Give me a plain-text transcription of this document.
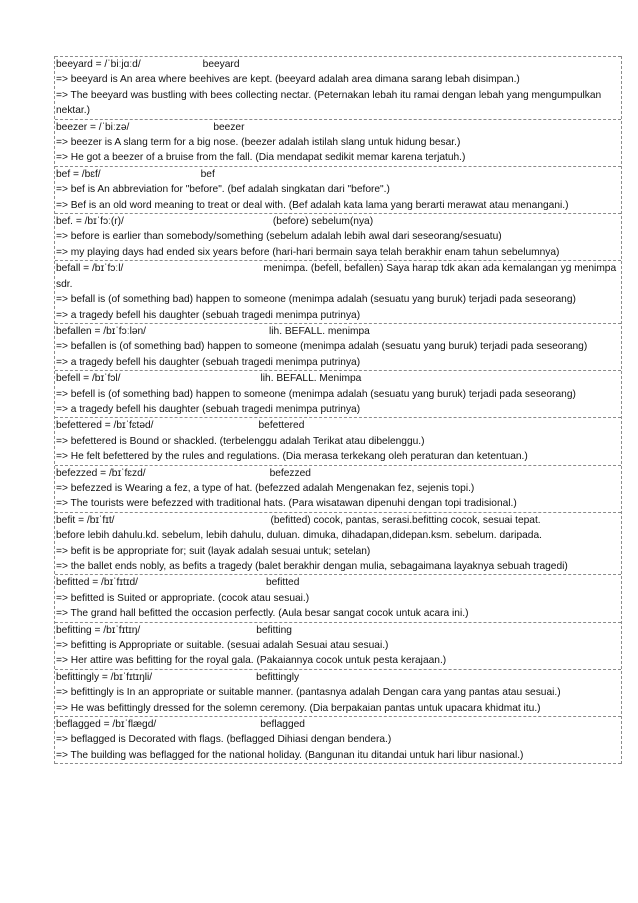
beeyard = /ˈbiːjɑːd/	beeyard
=> beeyard is An area where beehives are kept. (beeyard adalah area dimana sarang lebah disimpan.)
=> The beeyard was bustling with bees collecting nectar. (Peternakan lebah itu ramai dengan lebah yang mengumpulkan nektar.)
beezer = /ˈbiːzə/	beezer
=> beezer is A slang term for a big nose. (beezer adalah istilah slang untuk hidung besar.)
=> He got a beezer of a bruise from the fall. (Dia mendapat sedikit memar karena terjatuh.)
bef = /bɛf/	bef
=> bef is An abbreviation for "before". (bef adalah singkatan dari "before".)
=> Bef is an old word meaning to treat or deal with. (Bef adalah kata lama yang berarti merawat atau menangani.)
bef. = /bɪˈfɔː(r)/	(before) sebelum(nya)
=> before is earlier than somebody/something (sebelum adalah lebih awal dari seseorang/sesuatu)
=> my playing days had ended six years before (hari-hari bermain saya telah berakhir enam tahun sebelumnya)
befall = /bɪˈfɔːl/	menimpa. (befell, befallen) Saya harap tdk akan ada kemalangan yg menimpa sdr.
=> befall is (of something bad) happen to someone (menimpa adalah (sesuatu yang buruk) terjadi pada seseorang)
=> a tragedy befell his daughter (sebuah tragedi menimpa putrinya)
befallen = /bɪˈfɔːlən/	lih. BEFALL. menimpa
=> befallen is (of something bad) happen to someone (menimpa adalah (sesuatu yang buruk) terjadi pada seseorang)
=> a tragedy befell his daughter (sebuah tragedi menimpa putrinya)
befell = /bɪˈfɔl/	lih. BEFALL. Menimpa
=> befell is (of something bad) happen to someone (menimpa adalah (sesuatu yang buruk) terjadi pada seseorang)
=> a tragedy befell his daughter (sebuah tragedi menimpa putrinya)
befettered = /bɪˈfɛtəd/	befettered
=> befettered is Bound or shackled. (terbelenggu adalah Terikat atau dibelenggu.)
=> He felt befettered by the rules and regulations. (Dia merasa terkekang oleh peraturan dan ketentuan.)
befezzed = /bɪˈfɛzd/	befezzed
=> befezzed is Wearing a fez, a type of hat. (befezzed adalah Mengenakan fez, sejenis topi.)
=> The tourists were befezzed with traditional hats. (Para wisatawan dipenuhi dengan topi tradisional.)
befit = /bɪˈfɪt/	(befitted) cocok, pantas, serasi.befitting cocok, sesuai tepat.
before lebih dahulu.kd. sebelum, lebih dahulu, duluan. dimuka, dihadapan,didepan.ksm. sebelum. daripada.
=> befit is be appropriate for; suit (layak adalah sesuai untuk; setelan)
=> the ballet ends nobly, as befits a tragedy (balet berakhir dengan mulia, sebagaimana layaknya sebuah tragedi)
befitted = /bɪˈfɪtɪd/	befitted
=> befitted is Suited or appropriate. (cocok atau sesuai.)
=> The grand hall befitted the occasion perfectly. (Aula besar sangat cocok untuk acara ini.)
befitting = /bɪˈfɪtɪŋ/	befitting
=> befitting is Appropriate or suitable. (sesuai adalah Sesuai atau sesuai.)
=> Her attire was befitting for the royal gala. (Pakaiannya cocok untuk pesta kerajaan.)
befittingly = /bɪˈfɪtɪŋli/	befittingly
=> befittingly is In an appropriate or suitable manner. (pantasnya adalah Dengan cara yang pantas atau sesuai.)
=> He was befittingly dressed for the solemn ceremony. (Dia berpakaian pantas untuk upacara khidmat itu.)
beflagged = /bɪˈflægd/	beflagged
=> beflagged is Decorated with flags. (beflagged Dihiasi dengan bendera.)
=> The building was beflagged for the national holiday. (Bangunan itu ditandai untuk hari libur nasional.)
